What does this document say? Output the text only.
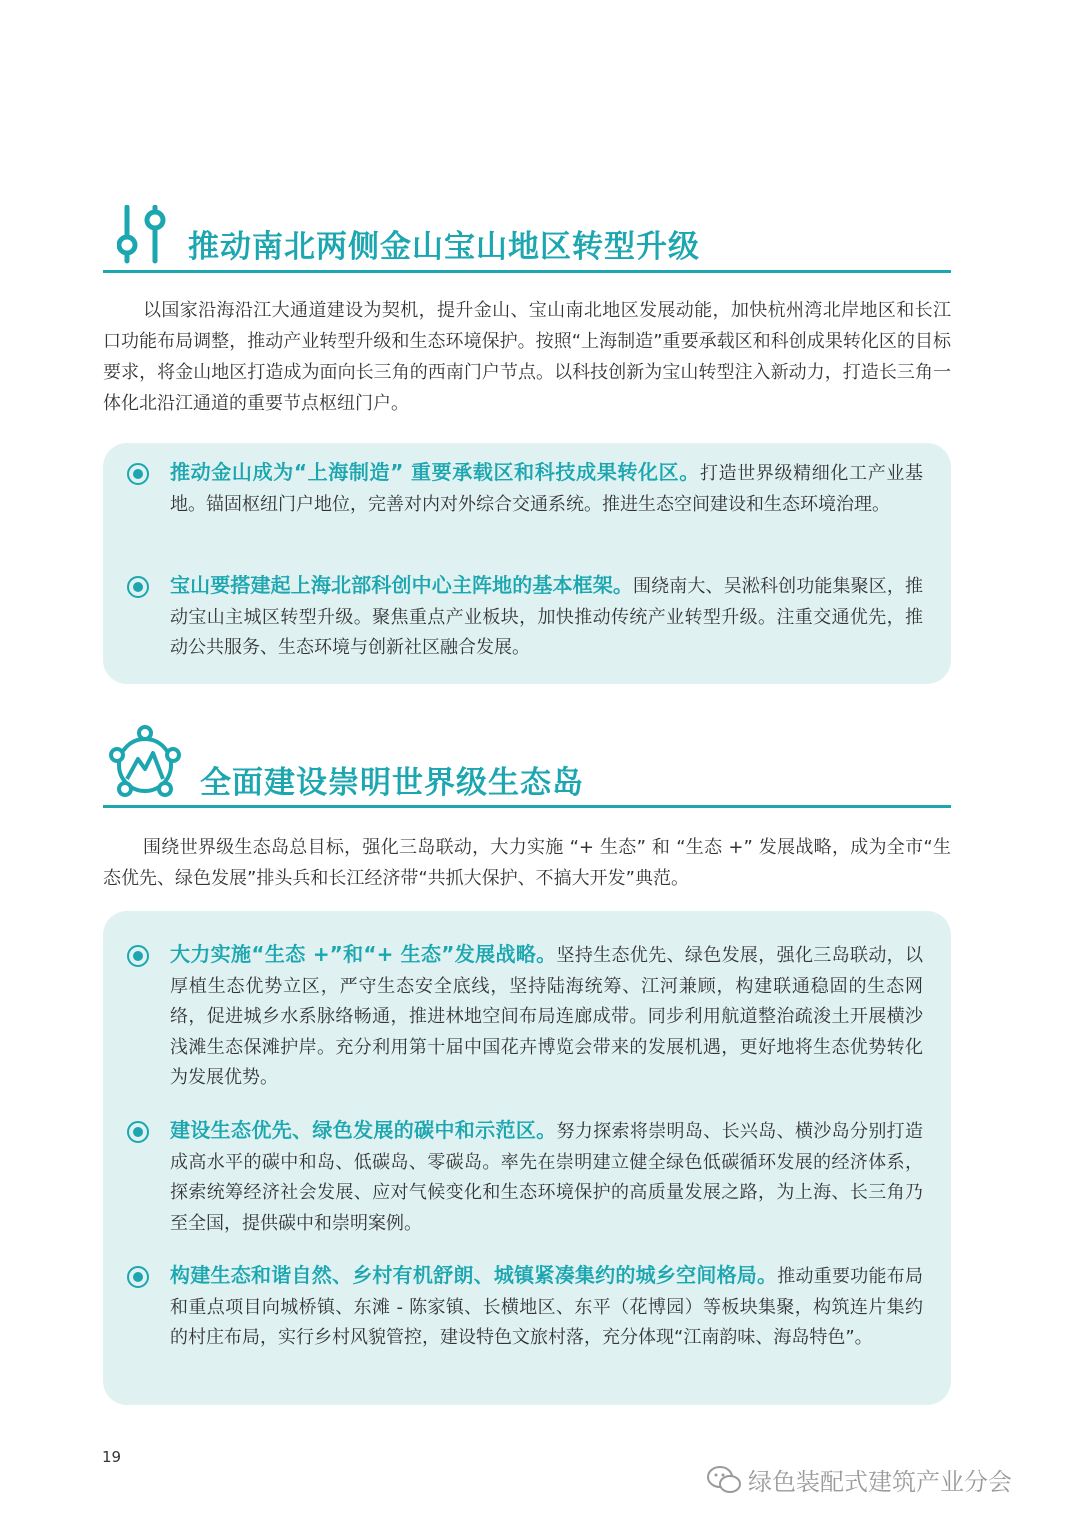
推动南北两侧金山宝山地区转型升级

以国家沿海沿江大通道建设为契机，提升金山、宝山南北地区发展动能，加快杭州湾北岸地区和长江口功能布局调整，推动产业转型升级和生态环境保护。按照“上海制造”重要承载区和科创成果转化区的目标要求，将金山地区打造成为面向长三角的西南门户节点。以科技创新为宝山转型注入新动力，打造长三角一体化北沿江通道的重要节点枢纽门户。

推动金山成为“上海制造” 重要承载区和科技成果转化区。打造世界级精细化工产业基地。锚固枢纽门户地位，完善对内对外综合交通系统。推进生态空间建设和生态环境治理。

宝山要搭建起上海北部科创中心主阵地的基本框架。围绕南大、吴淞科创功能集聚区，推动宝山主城区转型升级。聚焦重点产业板块，加快推动传统产业转型升级。注重交通优先，推动公共服务、生态环境与创新社区融合发展。

全面建设崇明世界级生态岛

围绕世界级生态岛总目标，强化三岛联动，大力实施 “+ 生态” 和 “生态 +” 发展战略，成为全市“生态优先、绿色发展”排头兵和长江经济带“共抓大保护、不搞大开发”典范。

大力实施“生态 +”和“+ 生态”发展战略。坚持生态优先、绿色发展，强化三岛联动，以厚植生态优势立区，严守生态安全底线，坚持陆海统筹、江河兼顾，构建联通稳固的生态网络，促进城乡水系脉络畅通，推进林地空间布局连廊成带。同步利用航道整治疏浚土开展横沙浅滩生态保滩护岸。充分利用第十届中国花卉博览会带来的发展机遇，更好地将生态优势转化为发展优势。

建设生态优先、绿色发展的碳中和示范区。努力探索将崇明岛、长兴岛、横沙岛分别打造成高水平的碳中和岛、低碳岛、零碳岛。率先在崇明建立健全绿色低碳循环发展的经济体系， 探索统筹经济社会发展、应对气候变化和生态环境保护的高质量发展之路，为上海、长三角乃至全国，提供碳中和崇明案例。

构建生态和谐自然、乡村有机舒朗、城镇紧凑集约的城乡空间格局。推动重要功能布局和重点项目向城桥镇、东滩 - 陈家镇、长横地区、东平（花博园）等板块集聚，构筑连片集约的村庄布局，实行乡村风貌管控，建设特色文旅村落，充分体现“江南韵味、海岛特色”。

19
绿色装配式建筑产业分会
